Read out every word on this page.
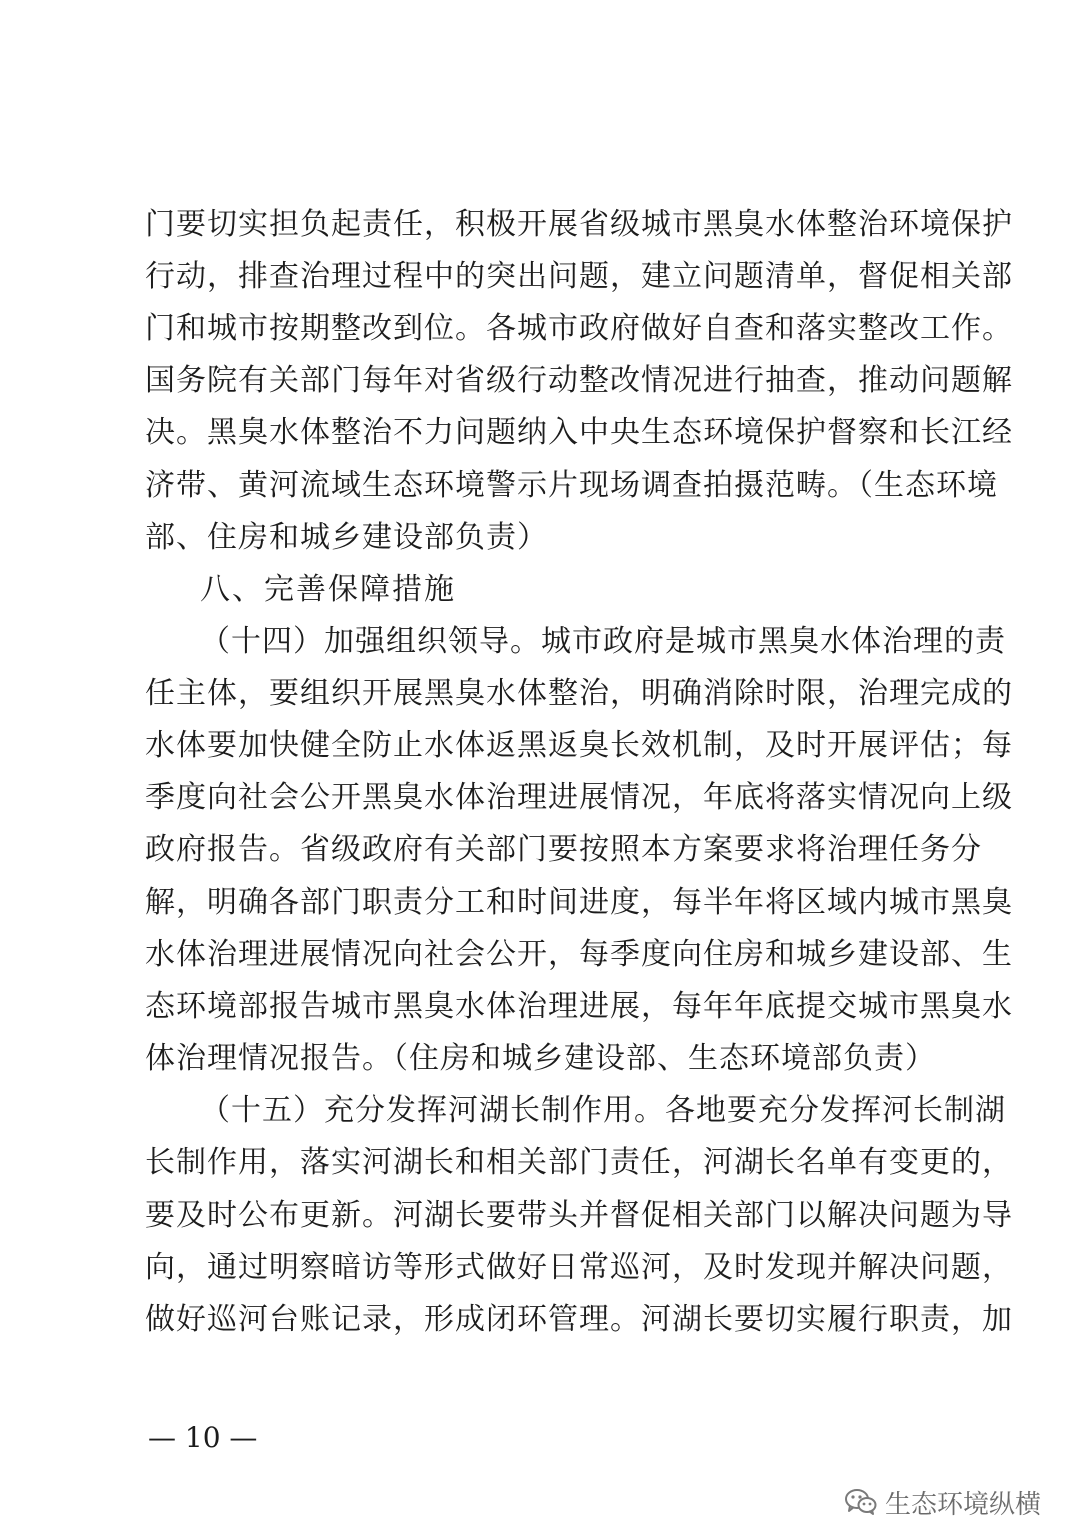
门要切实担负起责任，积极开展省级城市黑臭水体整治环境保护
行动，排查治理过程中的突出问题，建立问题清单，督促相关部
门和城市按期整改到位。各城市政府做好自查和落实整改工作。
国务院有关部门每年对省级行动整改情况进行抽查，推动问题解
决。黑臭水体整治不力问题纳入中央生态环境保护督察和长江经
济带、黄河流域生态环境警示片现场调查拍摄范畴。（生态环境
部、住房和城乡建设部负责）
八、完善保障措施
（十四）加强组织领导。城市政府是城市黑臭水体治理的责
任主体，要组织开展黑臭水体整治，明确消除时限，治理完成的
水体要加快健全防止水体返黑返臭长效机制，及时开展评估；每
季度向社会公开黑臭水体治理进展情况，年底将落实情况向上级
政府报告。省级政府有关部门要按照本方案要求将治理任务分
解，明确各部门职责分工和时间进度，每半年将区域内城市黑臭
水体治理进展情况向社会公开，每季度向住房和城乡建设部、生
态环境部报告城市黑臭水体治理进展，每年年底提交城市黑臭水
体治理情况报告。（住房和城乡建设部、生态环境部负责）
（十五）充分发挥河湖长制作用。各地要充分发挥河长制湖
长制作用，落实河湖长和相关部门责任，河湖长名单有变更的，
要及时公布更新。河湖长要带头并督促相关部门以解决问题为导
向，通过明察暗访等形式做好日常巡河，及时发现并解决问题，
做好巡河台账记录，形成闭环管理。河湖长要切实履行职责，加
— 10 —
生态环境纵横
